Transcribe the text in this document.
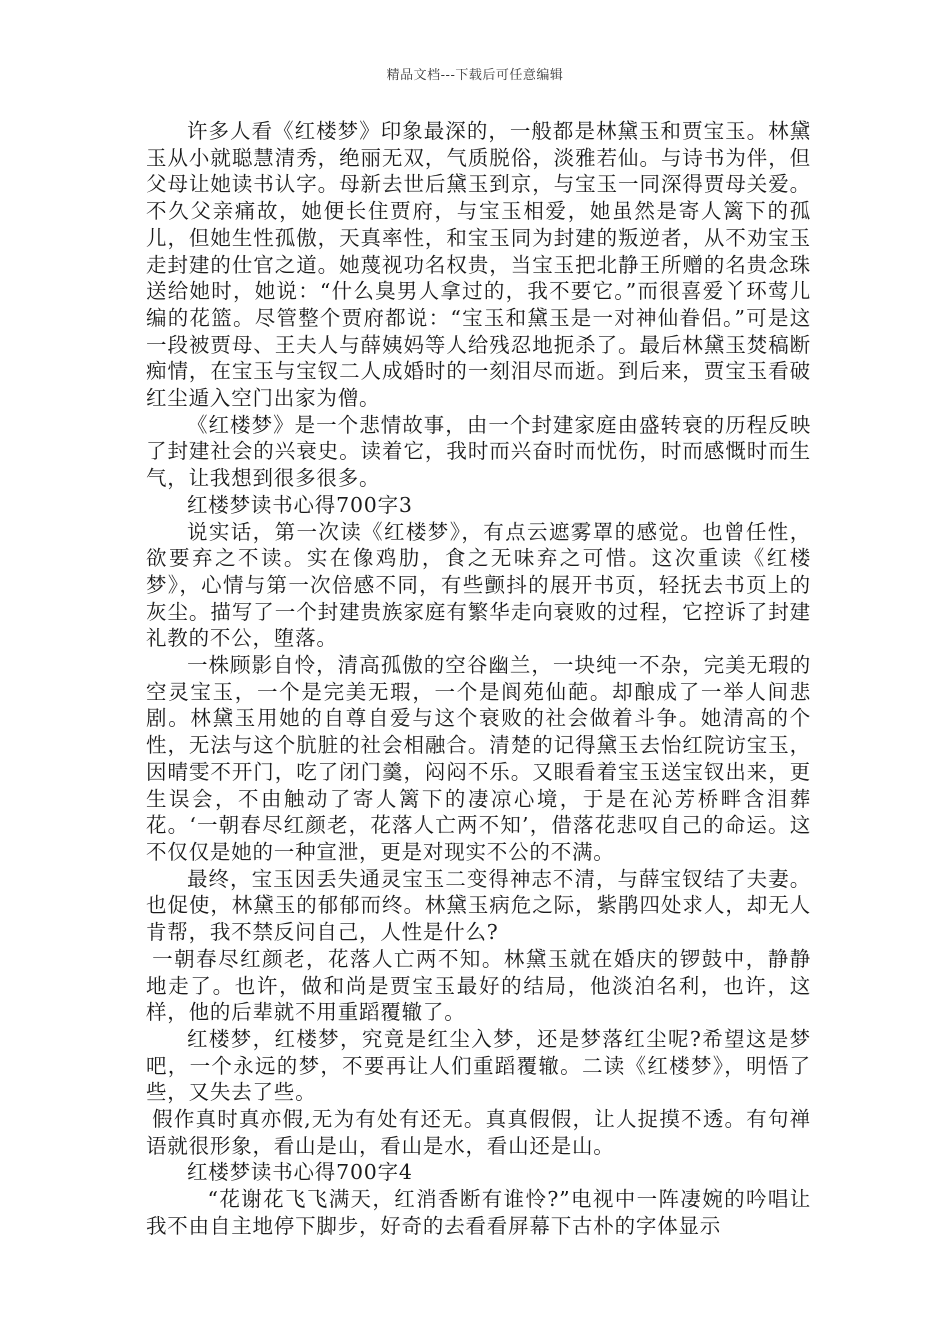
精品文档---下载后可任意编辑

许多人看《红楼梦》印象最深的，一般都是林黛玉和贾宝玉。林黛玉从小就聪慧清秀，绝丽无双，气质脱俗，淡雅若仙。与诗书为伴，但父母让她读书认字。母新去世后黛玉到京，与宝玉一同深得贾母关爱。不久父亲痛故，她便长住贾府，与宝玉相爱，她虽然是寄人篱下的孤儿，但她生性孤傲，天真率性，和宝玉同为封建的叛逆者，从不劝宝玉走封建的仕官之道。她蔑视功名权贵，当宝玉把北静王所赠的名贵念珠送给她时，她说：“什么臭男人拿过的，我不要它。”而很喜爱丫环莺儿编的花篮。尽管整个贾府都说：“宝玉和黛玉是一对神仙眷侣。”可是这一段被贾母、王夫人与薛姨妈等人给残忍地扼杀了。最后林黛玉焚稿断痴情，在宝玉与宝钗二人成婚时的一刻泪尽而逝。到后来，贾宝玉看破红尘遁入空门出家为僧。

《红楼梦》是一个悲情故事，由一个封建家庭由盛转衰的历程反映了封建社会的兴衰史。读着它，我时而兴奋时而忧伤，时而感慨时而生气，让我想到很多很多。

红楼梦读书心得700字3

说实话，第一次读《红楼梦》，有点云遮雾罩的感觉。也曾任性，欲要弃之不读。实在像鸡肋，食之无味弃之可惜。这次重读《红楼梦》，心情与第一次倍感不同，有些颤抖的展开书页，轻抚去书页上的灰尘。描写了一个封建贵族家庭有繁华走向衰败的过程，它控诉了封建礼教的不公，堕落。

一株顾影自怜，清高孤傲的空谷幽兰，一块纯一不杂，完美无瑕的空灵宝玉，一个是完美无瑕，一个是阆苑仙葩。却酿成了一举人间悲剧。林黛玉用她的自尊自爱与这个衰败的社会做着斗争。她清高的个性，无法与这个肮脏的社会相融合。清楚的记得黛玉去怡红院访宝玉，因晴雯不开门，吃了闭门羹，闷闷不乐。又眼看着宝玉送宝钗出来，更生误会，不由触动了寄人篱下的凄凉心境，于是在沁芳桥畔含泪葬花。‘一朝春尽红颜老，花落人亡两不知’，借落花悲叹自己的命运。这不仅仅是她的一种宣泄，更是对现实不公的不满。

最终，宝玉因丢失通灵宝玉二变得神志不清，与薛宝钗结了夫妻。也促使，林黛玉的郁郁而终。林黛玉病危之际，紫鹃四处求人，却无人肯帮，我不禁反问自己，人性是什么?

一朝春尽红颜老，花落人亡两不知。林黛玉就在婚庆的锣鼓中，静静地走了。也许，做和尚是贾宝玉最好的结局，他淡泊名利，也许，这样，他的后辈就不用重蹈覆辙了。

红楼梦，红楼梦，究竟是红尘入梦，还是梦落红尘呢?希望这是梦吧，一个永远的梦，不要再让人们重蹈覆辙。二读《红楼梦》，明悟了些，又失去了些。

假作真时真亦假,无为有处有还无。真真假假，让人捉摸不透。有句禅语就很形象，看山是山，看山是水，看山还是山。

红楼梦读书心得700字4

“花谢花飞飞满天，红消香断有谁怜?”电视中一阵凄婉的吟唱让我不由自主地停下脚步，好奇的去看看屏幕下古朴的字体显示
